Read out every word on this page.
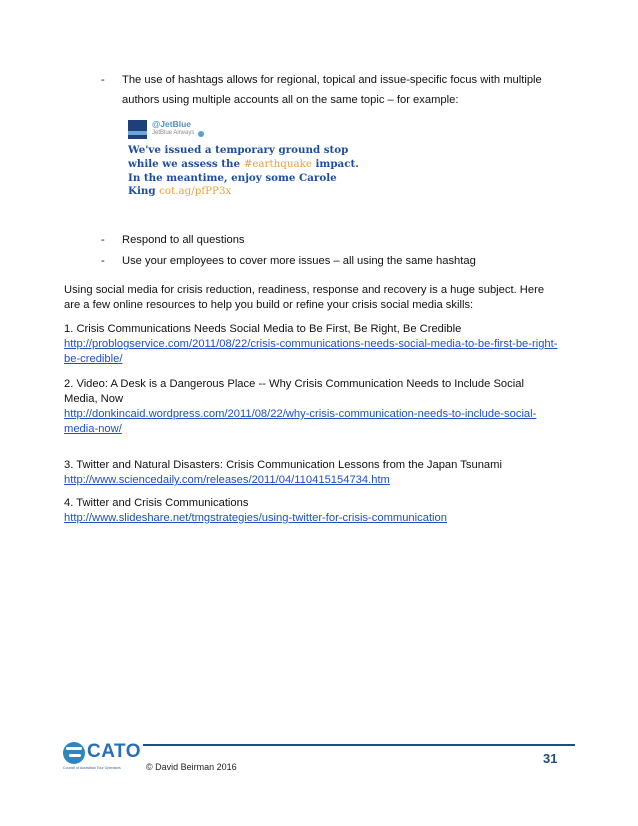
- The use of hashtags allows for regional, topical and issue-specific focus with multiple
authors using multiple accounts all on the same topic – for example:
@JetBlue
JetBlue Airways
We've issued a temporary ground stop
while we assess the #earthquake impact.
In the meantime, enjoy some Carole
King cot.ag/pfPP3x
- Respond to all questions
- Use your employees to cover more issues – all using the same hashtag
Using social media for crisis reduction, readiness, response and recovery is a huge subject. Here
are a few online resources to help you build or refine your crisis social media skills:
1. Crisis Communications Needs Social Media to Be First, Be Right, Be Credible
http://problogservice.com/2011/08/22/crisis-communications-needs-social-media-to-be-first-be-right-
be-credible/
2. Video: A Desk is a Dangerous Place -- Why Crisis Communication Needs to Include Social
Media, Now
http://donkincaid.wordpress.com/2011/08/22/why-crisis-communication-needs-to-include-social-
media-now/
3. Twitter and Natural Disasters: Crisis Communication Lessons from the Japan Tsunami
http://www.sciencedaily.com/releases/2011/04/110415154734.htm
4. Twitter and Crisis Communications
http://www.slideshare.net/tmgstrategies/using-twitter-for-crisis-communication
CATO
Council of Australian Tour Operators
31
© David Beirman 2016
